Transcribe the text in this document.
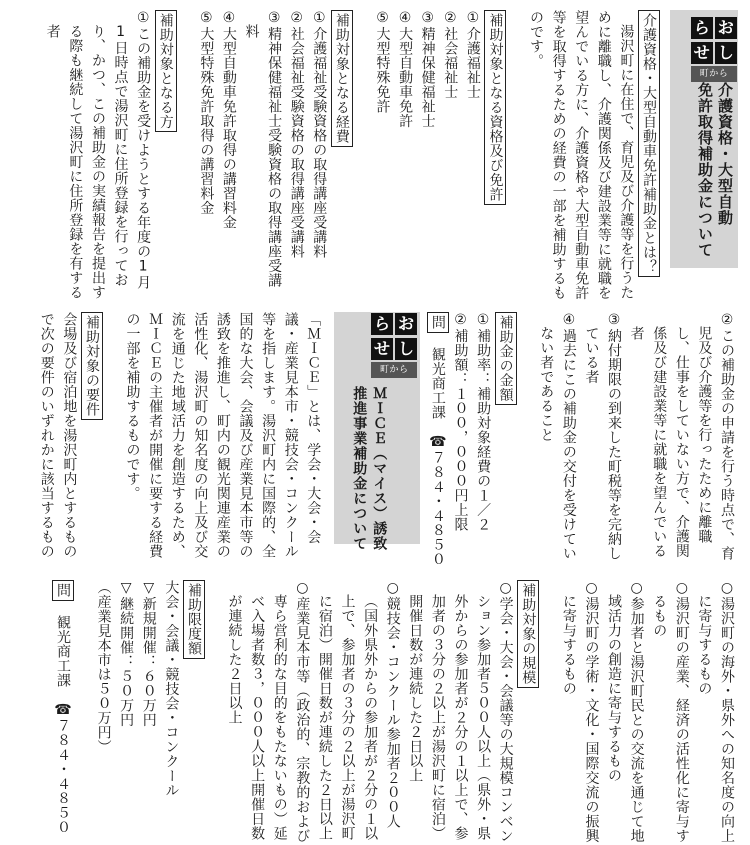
ら おせ し
町から
介護資格・大型自動
免許取得補助金について

介護資格・大型自動車免許補助金とは？

湯沢町に在住で、育児及び介護等を行うために離職し、介護関係及び建設業等に就職を望んでいる方に、介護資格や大型自動車免許等を取得するための経費の一部を補助するものです。

補助対象となる資格及び免許

①介護福祉士

②社会福祉士

③精神保健福祉士

④大型自動車免許

⑤大型特殊免許

補助対象となる経費

①介護福祉受験資格の取得講座受講料

②社会福祉受験資格の取得講座受講料

③精神保健福祉士受験資格の取得講座受講料

④大型自動車免許取得の講習料金

⑤大型特殊免許取得の講習料金

補助対象となる方

①この補助金を受けようとする年度の1月1日時点で湯沢町に住所登録を行っており、かつ、この補助金の実績報告を提出する際も継続して湯沢町に住所登録を有する者

②この補助金の申請を行う時点で、育児及び介護等を行ったために離職し、仕事をしていない方で、介護関係及び建設業等に就職を望んでいる者

③納付期限の到来した町税等を完納している者

④過去にこの補助金の交付を受けていない者であること

補助金の金額

①補助率：補助対象経費の１／２

②補助額：１００，０００円上限

問　観光商工課　☎７８４・４８５０

ら おせ し
町から
ＭＩＣＥ（マイス）誘致
推進事業補助金について

「ＭＩＣＥ」とは、学会・大会・会議・産業見本市・競技会・コンクール等を指します。湯沢町内に国際的、全国的な大会、会議及び産業見本市等の誘致を推進し、町内の観光関連産業の活性化、湯沢町の知名度の向上及び交流を通じた地域活力を創造するため、ＭＩＣＥの主催者が開催に要する経費の一部を補助するものです。

補助対象の要件

会場及び宿泊地を湯沢町内とするもので次の要件のいずれかに該当するもの

○湯沢町の海外・県外への知名度の向上に寄与するもの

○湯沢町の産業、経済の活性化に寄与するもの

○参加者と湯沢町民との交流を通じて地域活力の創造に寄与するもの

○湯沢町の学術・文化・国際交流の振興に寄与するもの

補助対象の規模

○学会・大会・会議等の大規模コンベンション参加者５００人以上（県外・県外からの参加者が２分の１以上で、参加者の３分の２以上が湯沢町に宿泊）開催日数が連続した２日以上

○競技会・コンクール参加者２００人（国外県外からの参加者が２分の１以上で、参加者の３分の２以上が湯沢町に宿泊）開催日数が連続した２日以上

○産業見本市等（政治的、宗教的および専ら営利的な目的をもたないもの）延べ入場者数３，０００人以上開催日数が連続した２日以上

補助限度額

大会・会議・競技会・コンクール

▽新規開催：６０万円

▽継続開催：５０万円

（産業見本市は５０万円）

問　観光商工課　☎７８４・４８５０
